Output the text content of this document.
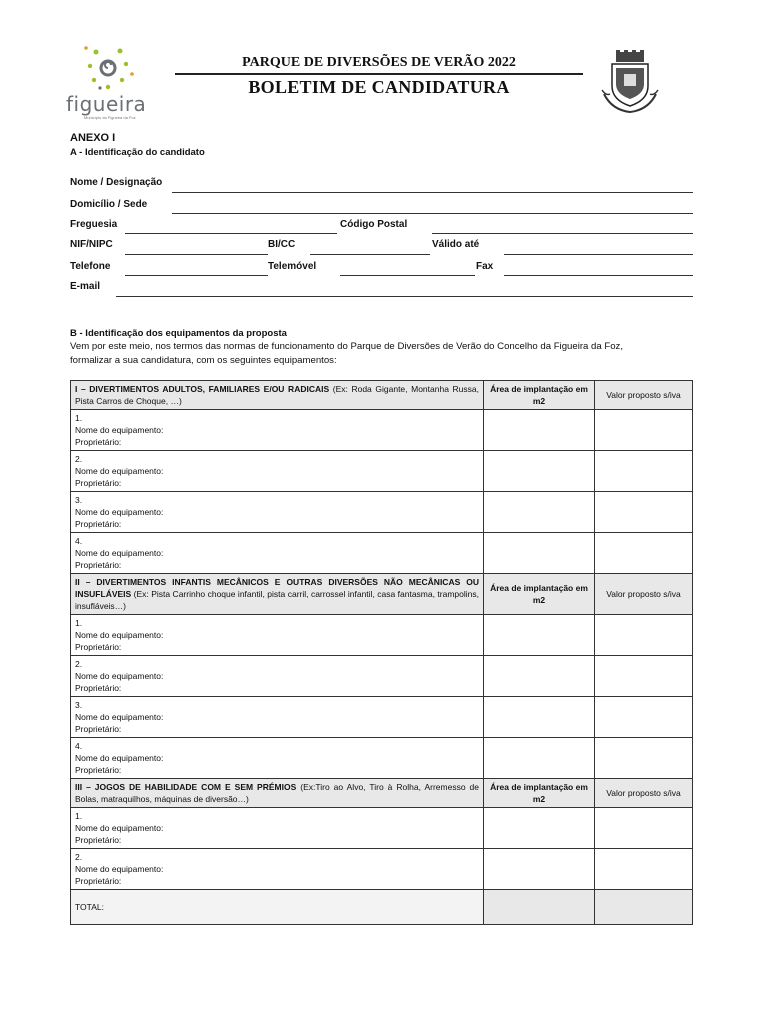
figueira
Município da Figueira da Foz
PARQUE DE DIVERSÕES DE VERÃO 2022
BOLETIM DE CANDIDATURA
ANEXO I
A - Identificação do candidato
Nome / Designação
Domicílio / Sede
Freguesia	Código Postal
NIF/NIPC	BI/CC	Válido até
Telefone	Telemóvel	Fax
E-mail
B - Identificação dos equipamentos da proposta
Vem por este meio, nos termos das normas de funcionamento do Parque de Diversões de Verão do Concelho da Figueira da Foz,
formalizar a sua candidatura, com os seguintes equipamentos:
I – DIVERTIMENTOS ADULTOS, FAMILIARES E/OU RADICAIS (Ex: Roda Gigante, Montanha Russa, Pista Carros de Choque, …)	Área de implantação em m2	Valor proposto s/iva

1.
Nome do equipamento:
Proprietário:		

2.
Nome do equipamento:
Proprietário:		

3.
Nome do equipamento:
Proprietário:		

4.
Nome do equipamento:
Proprietário:		

II – DIVERTIMENTOS INFANTIS MECÂNICOS E OUTRAS DIVERSÕES NÃO MECÂNICAS OU INSUFLÁVEIS (Ex: Pista Carrinho choque infantil, pista carril, carrossel infantil, casa fantasma, trampolins, insufláveis…)	Área de implantação em m2	Valor proposto s/iva

1.
Nome do equipamento:
Proprietário:		

2.
Nome do equipamento:
Proprietário:		

3.
Nome do equipamento:
Proprietário:		

4.
Nome do equipamento:
Proprietário:		

III – JOGOS DE HABILIDADE COM E SEM PRÉMIOS (Ex:Tiro ao Alvo, Tiro à Rolha, Arremesso de Bolas, matraquilhos, máquinas de diversão…)	Área de implantação em m2	Valor proposto s/iva

1.
Nome do equipamento:
Proprietário:		

2.
Nome do equipamento:
Proprietário:		

TOTAL:		
